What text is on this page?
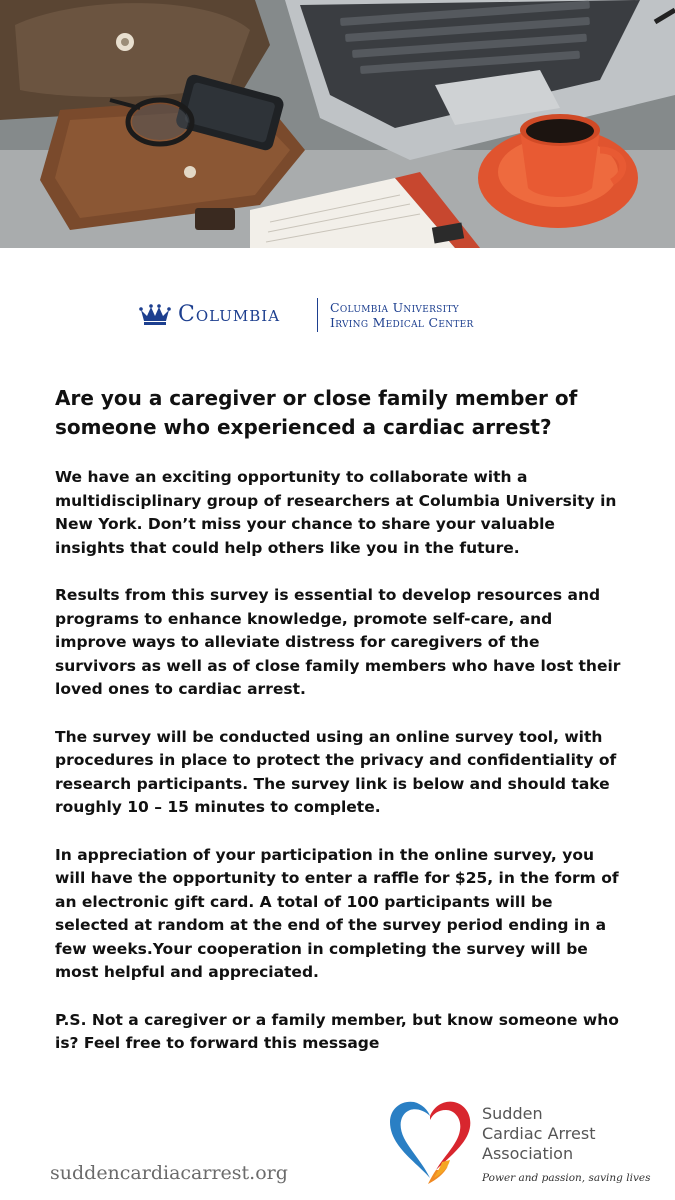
Columbia	Columbia University
Irving Medical Center
Are you a caregiver or close family member of someone who experienced a cardiac arrest?

We have an exciting opportunity to collaborate with a multidisciplinary group of researchers at Columbia University in New York. Don’t miss your chance to share your valuable insights that could help others like you in the future.

Results from this survey is essential to develop resources and programs to enhance knowledge, promote self-care, and improve ways to alleviate distress for caregivers of the survivors as well as of close family members who have lost their loved ones to cardiac arrest.

The survey will be conducted using an online survey tool, with procedures in place to protect the privacy and confidentiality of research participants. The survey link is below and should take roughly 10 – 15 minutes to complete.

In appreciation of your participation in the online survey, you will have the opportunity to enter a raffle for $25, in the form of an electronic gift card. A total of 100 participants will be selected at random at the end of the survey period ending in a few weeks.Your cooperation in completing the survey will be most helpful and appreciated.

P.S. Not a caregiver or a family member, but know someone who is? Feel free to forward this message

suddencardiacarrest.org
Sudden
Cardiac Arrest
Association
Power and passion, saving lives
